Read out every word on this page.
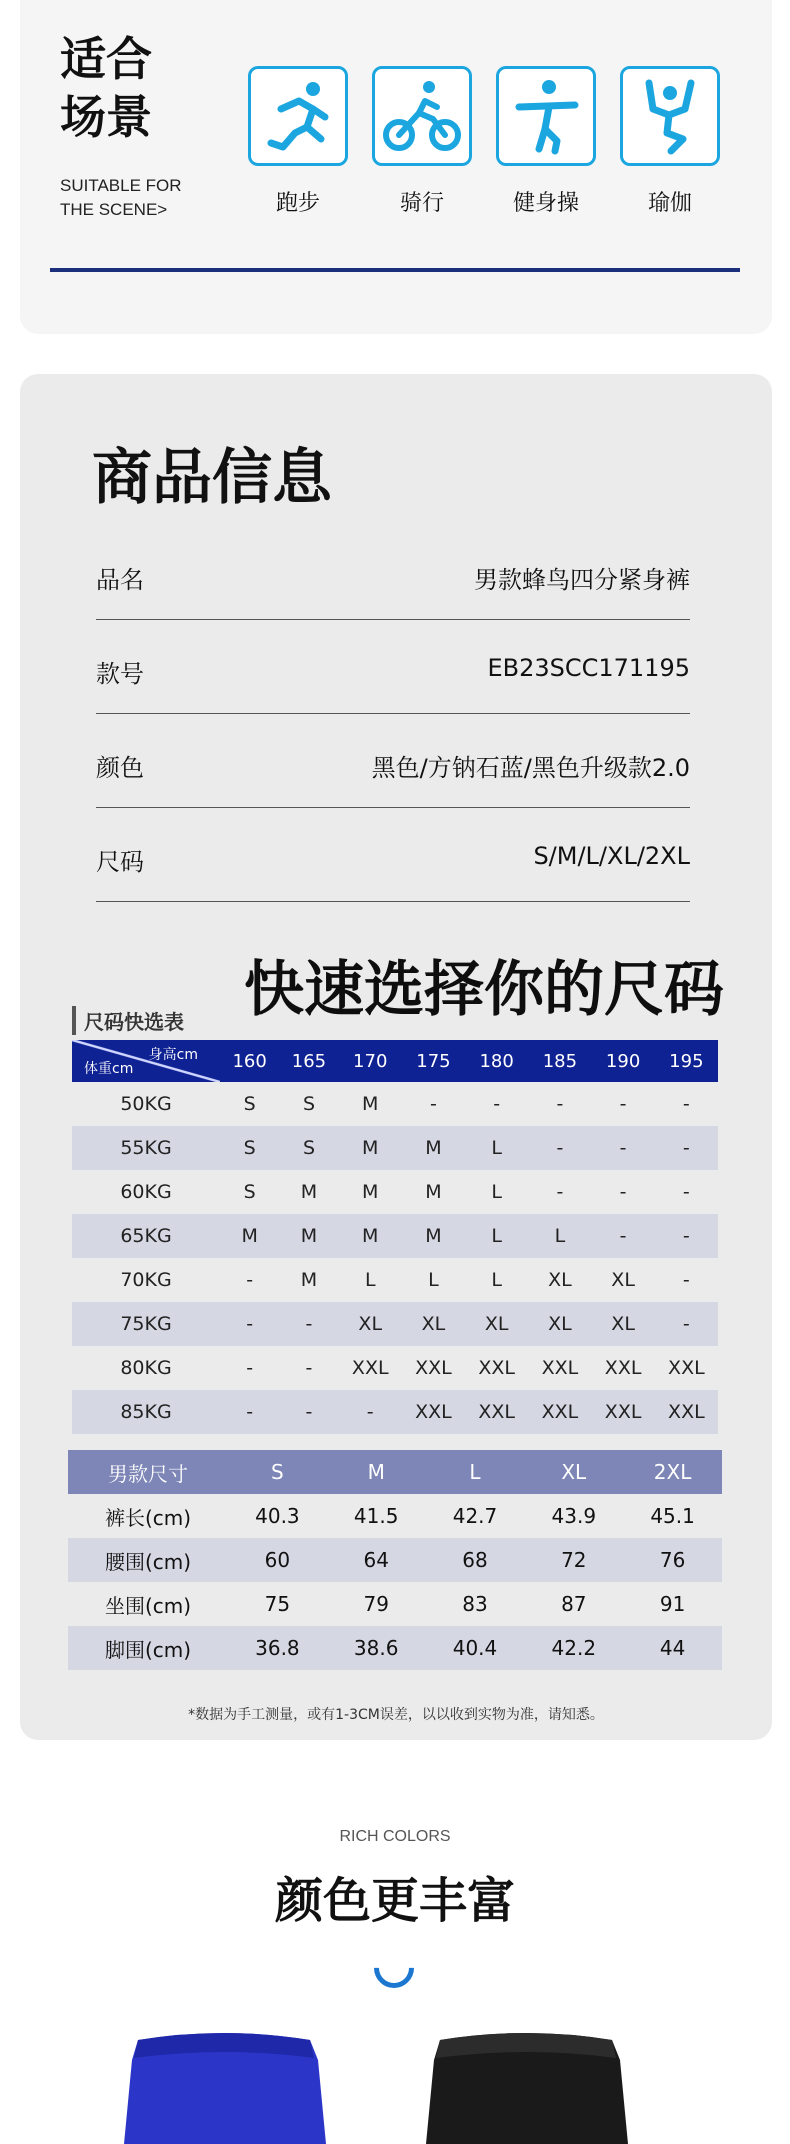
适合
场景
SUITABLE FOR
THE SCENE>	跑步	骑行	健身操	瑜伽
商品信息
品名	男款蜂鸟四分紧身裤
款号	EB23SCC171195
颜色	黑色/方钠石蓝/黑色升级款2.0
尺码	S/M/L/XL/2XL
快速选择你的尺码
尺码快选表
身高cm
体重cm	160	165	170	175	180	185	190	195
50KG	S	S	M	-	-	-	-	-
55KG	S	S	M	M	L	-	-	-
60KG	S	M	M	M	L	-	-	-
65KG	M	M	M	M	L	L	-	-
70KG	-	M	L	L	L	XL	XL	-
75KG	-	-	XL	XL	XL	XL	XL	-
80KG	-	-	XXL	XXL	XXL	XXL	XXL	XXL
85KG	-	-	-	XXL	XXL	XXL	XXL	XXL
男款尺寸	S	M	L	XL	2XL
裤长(cm)	40.3	41.5	42.7	43.9	45.1
腰围(cm)	60	64	68	72	76
坐围(cm)	75	79	83	87	91
脚围(cm)	36.8	38.6	40.4	42.2	44
*数据为手工测量，或有1-3CM误差，以以收到实物为准，请知悉。
RICH COLORS
颜色更丰富
